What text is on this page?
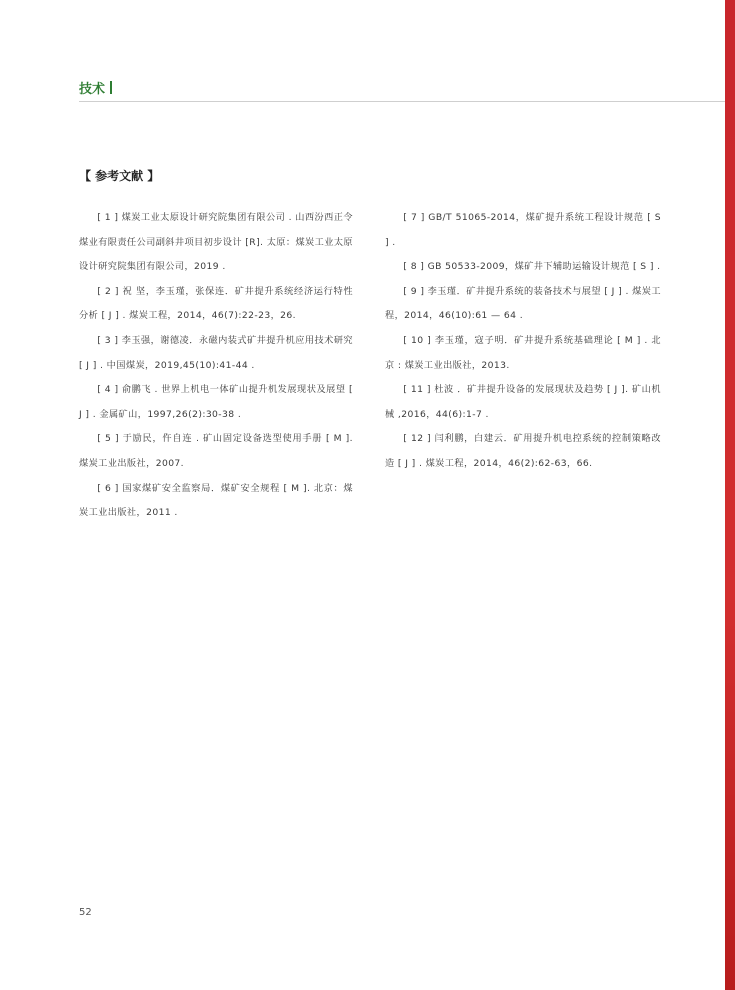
技术
【 参考文献 】

[ 1 ] 煤炭工业太原设计研究院集团有限公司 . 山西汾西正令煤业有限责任公司副斜井项目初步设计 [R]. 太原：煤炭工业太原设计研究院集团有限公司，2019 .

[ 2 ] 祝 坚，李玉瑾，张保连．矿井提升系统经济运行特性分析 [ J ] . 煤炭工程，2014，46(7):22-23，26.

[ 3 ] 李玉强，谢德凌．永磁内装式矿井提升机应用技术研究 [ J ] . 中国煤炭，2019,45(10):41-44 .

[ 4 ] 俞鹏飞 . 世界上机电一体矿山提升机发展现状及展望 [ J ] . 金属矿山，1997,26(2):30-38 .

[ 5 ] 于励民，仵自连 . 矿山固定设备选型使用手册 [ M ]. 煤炭工业出版社，2007.

[ 6 ] 国家煤矿安全监察局．煤矿安全规程 [ M ]. 北京：煤炭工业出版社，2011 .

[ 7 ] GB/T 51065-2014，煤矿提升系统工程设计规范 [ S ] .

[ 8 ] GB 50533-2009，煤矿井下辅助运输设计规范 [ S ] .

[ 9 ] 李玉瑾．矿井提升系统的装备技术与展望 [ J ] . 煤炭工程，2014，46(10):61 — 64 .

[ 10 ] 李玉瑾，寇子明．矿井提升系统基础理论 [ M ] . 北京 : 煤炭工业出版社，2013.

[ 11 ] 杜波 ．矿井提升设备的发展现状及趋势 [ J ]. 矿山机械 ,2016，44(6):1-7 .

[ 12 ] 闫利鹏，白建云．矿用提升机电控系统的控制策略改造 [ J ] . 煤炭工程，2014，46(2):62-63，66.

52
